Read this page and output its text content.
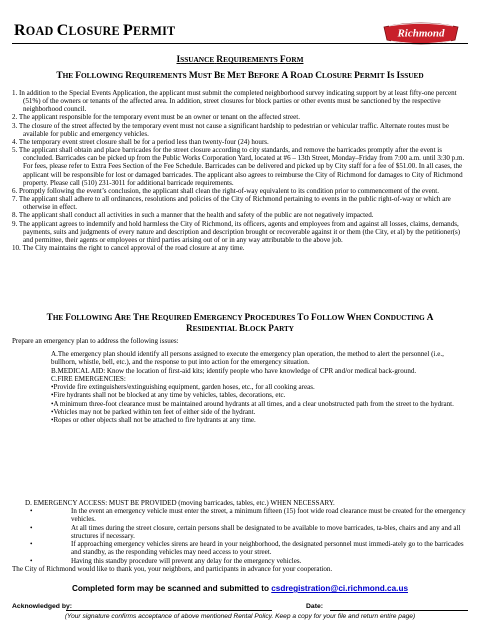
ROAD CLOSURE PERMIT	Richmond
ISSUANCE REQUIREMENTS FORM
THE FOLLOWING REQUIREMENTS MUST BE MET BEFORE A ROAD CLOSURE PERMIT IS ISSUED
1. In addition to the Special Events Application, the applicant must submit the completed neighborhood survey indicating support by at least fifty-one percent (51%) of the owners or tenants of the affected area. In addition, street closures for block parties or other events must be sanctioned by the respective neighborhood council.
2. The applicant responsible for the temporary event must be an owner or tenant on the affected street.
3. The closure of the street affected by the temporary event must not cause a significant hardship to pedestrian or vehicular traffic. Alternate routes must be available for public and emergency vehicles.
4. The temporary event street closure shall be for a period less than twenty-four (24) hours.
5. The applicant shall obtain and place barricades for the street closure according to city standards, and remove the barricades promptly after the event is concluded. Barricades can be picked up from the Public Works Corporation Yard, located at #6 – 13th Street, Monday–Friday from 7:00 a.m. until 3:30 p.m. For fees, please refer to Extra Fees Section of the Fee Schedule. Barricades can be delivered and picked up by City staff for a fee of $51.00. In all cases, the applicant will be responsible for lost or damaged barricades. The applicant also agrees to reimburse the City of Richmond for damages to City of Richmond property. Please call (510) 231-3011 for additional barricade requirements.
6. Promptly following the event’s conclusion, the applicant shall clean the right-of-way equivalent to its condition prior to commencement of the event.
7. The applicant shall adhere to all ordinances, resolutions and policies of the City of Richmond pertaining to events in the public right-of-way or which are otherwise in effect.
8. The applicant shall conduct all activities in such a manner that the health and safety of the public are not negatively impacted.
9. The applicant agrees to indemnify and hold harmless the City of Richmond, its officers, agents and employees from and against all losses, claims, demands, payments, suits and judgments of every nature and description and description brought or recoverable against it or them (the City, et al) by the petitioner(s) and permittee, their agents or employees or third parties arising out of or in any way attributable to the above job.
10. The City maintains the right to cancel approval of the road closure at any time.
THE FOLLOWING ARE THE REQUIRED EMERGENCY PROCEDURES TO FOLLOW WHEN CONDUCTING A
RESIDENTIAL BLOCK PARTY
Prepare an emergency plan to address the following issues:
A.The emergency plan should identify all persons assigned to execute the emergency plan operation, the method to alert the personnel (i.e., bullhorn, whistle, bell, etc.), and the response to put into action for the emergency situation.
B.MEDICAL AID: Know the location of first-aid kits; identify people who have knowledge of CPR and/or medical back-ground.
C.FIRE EMERGENCIES:
•Provide fire extinguishers/extinguishing equipment, garden hoses, etc., for all cooking areas.
•Fire hydrants shall not be blocked at any time by vehicles, tables, decorations, etc.
•A minimum three-foot clearance must be maintained around hydrants at all times, and a clear unobstructed path from the street to the hydrant.
•Vehicles may not be parked within ten feet of either side of the hydrant.
•Ropes or other objects shall not be attached to fire hydrants at any time.
D. EMERGENCY ACCESS: MUST BE PROVIDED (moving barricades, tables, etc.) WHEN NECESSARY.
•	In the event an emergency vehicle must enter the street, a minimum fifteen (15) foot wide road clearance must be created for the emergency vehicles.
•	At all times during the street closure, certain persons shall be designated to be available to move barricades, ta-bles, chairs and any and all structures if necessary.
•	If approaching emergency vehicles sirens are heard in your neighborhood, the designated personnel must immedi-ately go to the barricades and standby, as the responding vehicles may need access to your street.
•	Having this standby procedure will prevent any delay for the emergency vehicles.
The City of Richmond would like to thank you, your neighbors, and participants in advance for your cooperation.
Completed form may be scanned and submitted to csdregistration@ci.richmond.ca.us
Acknowledged by:	Date:
(Your signature confirms acceptance of above mentioned Rental Policy. Keep a copy for your file and return entire page)
